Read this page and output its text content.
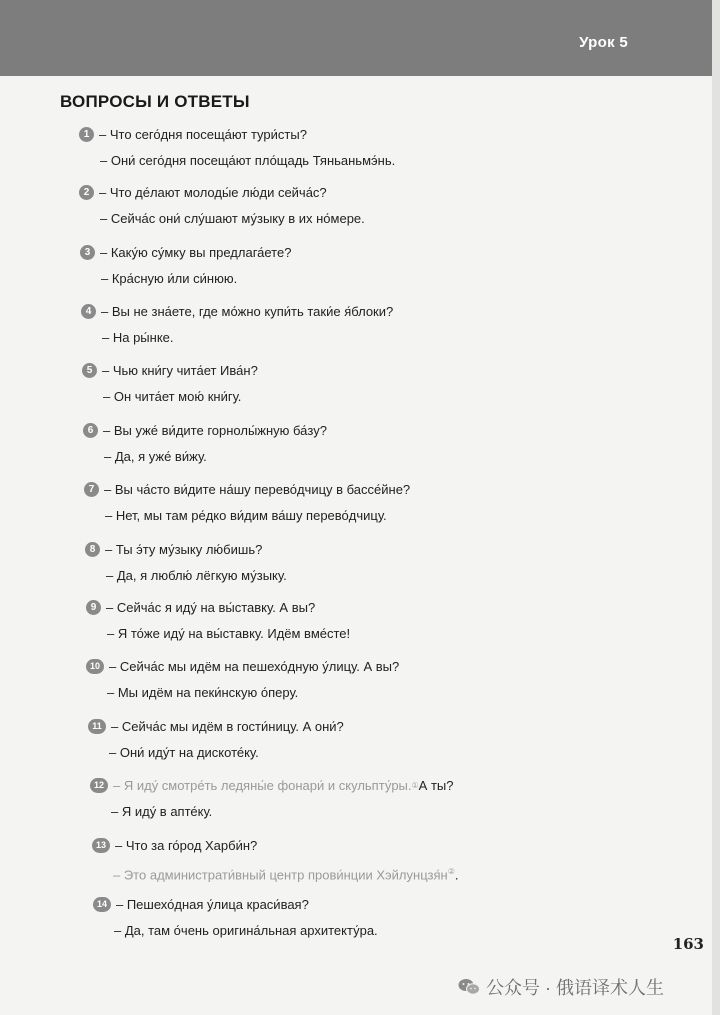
Урок 5
ВОПРОСЫ И ОТВЕТЫ
1 – Что сего́дня посеща́ют тури́сты?
– Они́ сего́дня посеща́ют пло́щадь Тяньаньмэ́нь.
2 – Что де́лают молоды́е лю́ди сейча́с?
– Сейча́с они́ слу́шают му́зыку в их но́мере.
3 – Каку́ю су́мку вы предлага́ете?
– Кра́сную и́ли си́нюю.
4 – Вы не зна́ете, где мо́жно купи́ть таки́е я́блоки?
– На ры́нке.
5 – Чью кни́гу чита́ет Ива́н?
– Он чита́ет мою́ кни́гу.
6 – Вы уже́ ви́дите горнолы́жную ба́зу?
– Да, я уже́ ви́жу.
7 – Вы ча́сто ви́дите на́шу перево́дчицу в бассе́йне?
– Нет, мы там ре́дко ви́дим ва́шу перево́дчицу.
8 – Ты э́ту му́зыку лю́бишь?
– Да, я люблю́ лёгкую му́зыку.
9 – Сейча́с я иду́ на вы́ставку. А вы?
– Я то́же иду́ на вы́ставку. Идём вме́сте!
10 – Сейча́с мы идём на пешехо́дную у́лицу. А вы?
– Мы идём на пеки́нскую о́перу.
11 – Сейча́с мы идём в гости́ницу. А они́?
– Они́ иду́т на дискоте́ку.
12 – Я иду́ смотре́ть ледяны́е фонари́ и скульпту́ры. ① А ты?
– Я иду́ в апте́ку.
13 – Что за го́род Харби́н?
– Это администрати́вный центр прови́нции Хэйлунцзя́н②.
14 – Пешехо́дная у́лица краси́вая?
– Да, там о́чень оригина́льная архитекту́ра.
163
公众号 · 俄语译术人生
